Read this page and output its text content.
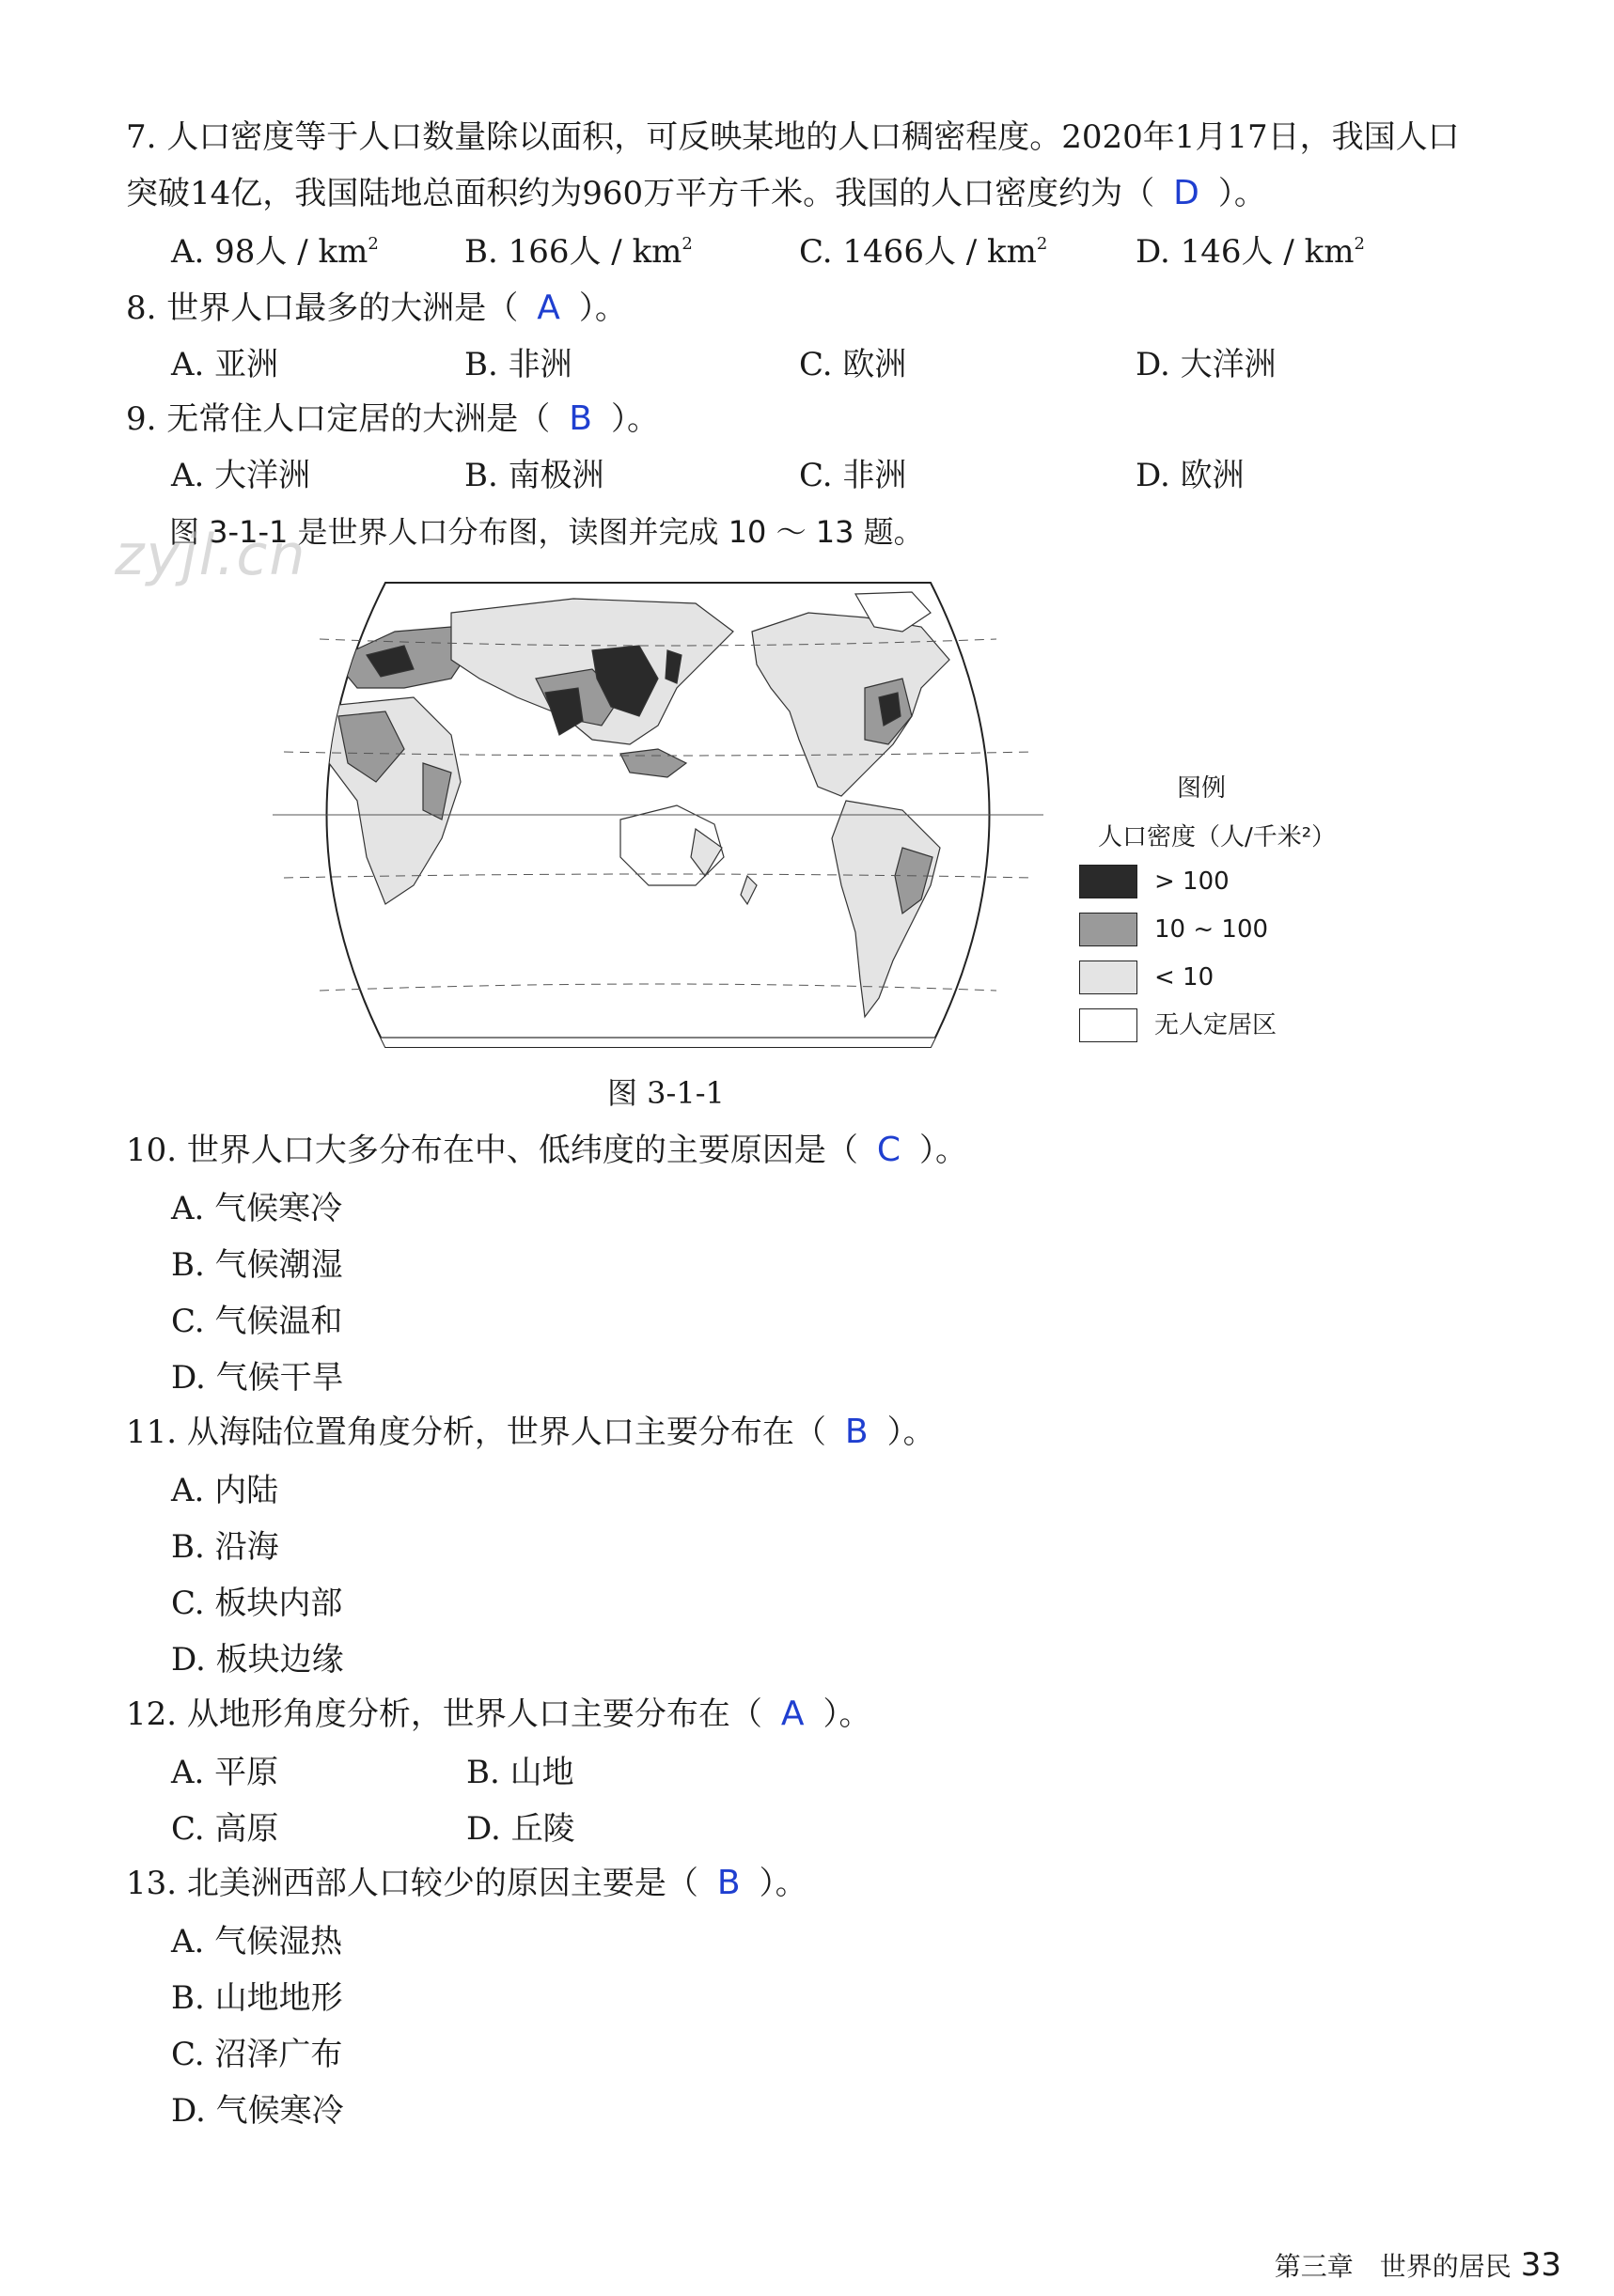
7. 人口密度等于人口数量除以面积，可反映某地的人口稠密程度。2020年1月17日，我国人口
突破14亿，我国陆地总面积约为960万平方千米。我国的人口密度约为（ D ）。
A. 98人 / $km^2$	B. 166人 / $km^2$	C. 1466人 / $km^2$	D. 146人 / $km^2$
8. 世界人口最多的大洲是（ A ）。
A. 亚洲	B. 非洲	C. 欧洲	D. 大洋洲
9. 无常住人口定居的大洲是（ B ）。
A. 大洋洲	B. 南极洲	C. 非洲	D. 欧洲
图 3-1-1 是世界人口分布图，读图并完成 10 ～ 13 题。
zyjl.cn
图例
人口密度（人/千米²）
> 100
10 ~ 100
< 10
无人定居区
图 3-1-1
10. 世界人口大多分布在中、低纬度的主要原因是（ C ）。
A. 气候寒冷
B. 气候潮湿
C. 气候温和
D. 气候干旱
11. 从海陆位置角度分析，世界人口主要分布在（ B ）。
A. 内陆
B. 沿海
C. 板块内部
D. 板块边缘
12. 从地形角度分析，世界人口主要分布在（ A ）。
A. 平原	B. 山地
C. 高原	D. 丘陵
13. 北美洲西部人口较少的原因主要是（ B ）。
A. 气候湿热
B. 山地地形
C. 沼泽广布
D. 气候寒冷
第三章　世界的居民 33
